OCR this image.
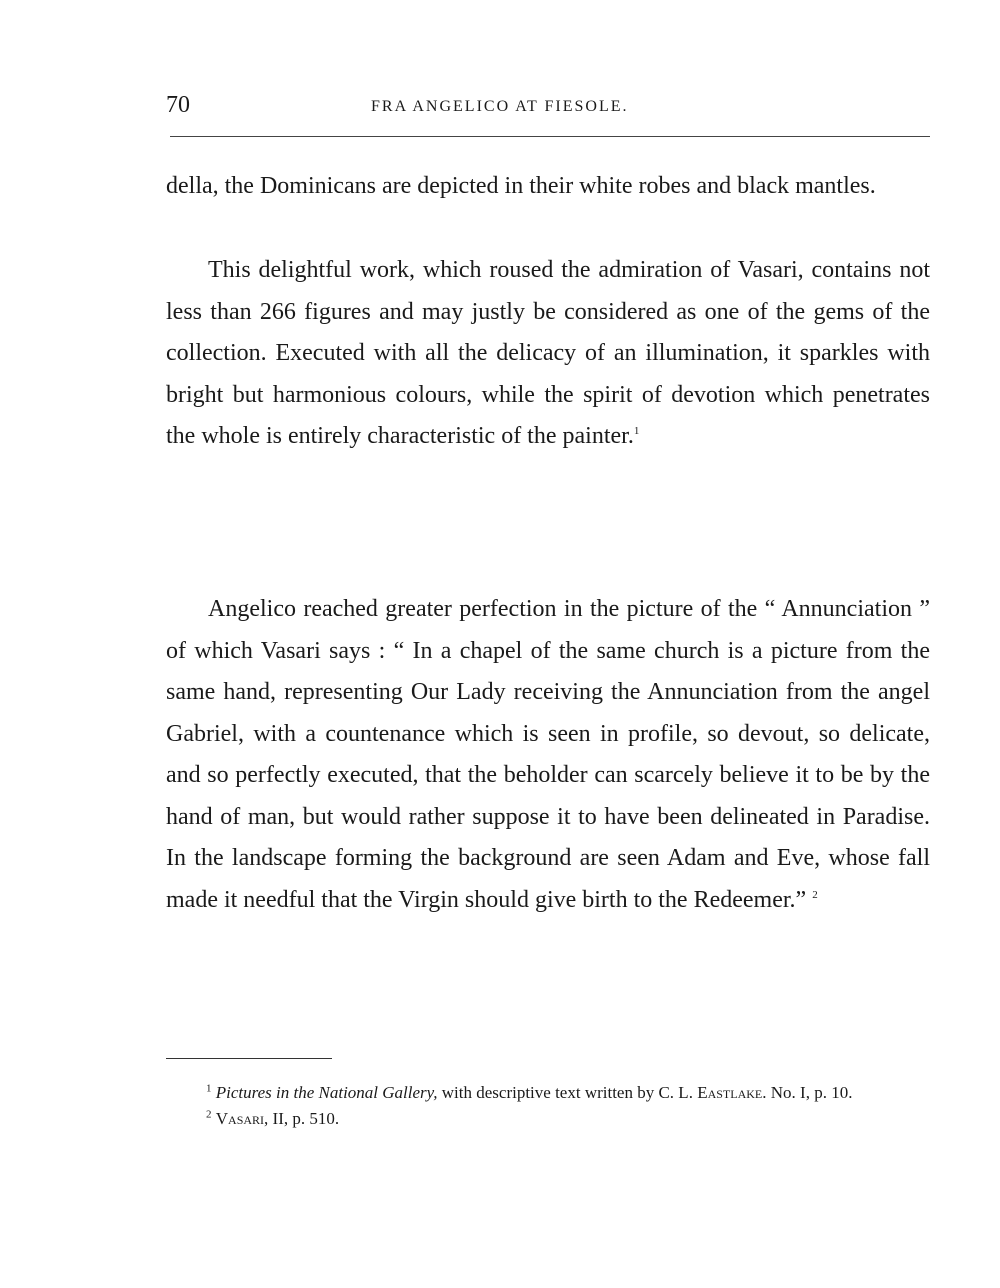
70	FRA ANGELICO AT FIESOLE.

della, the Dominicans are depicted in their white robes and black mantles.

This delightful work, which roused the admiration of Vasari, contains not less than 266 figures and may justly be considered as one of the gems of the collection. Executed with all the delicacy of an illumination, it sparkles with bright but harmonious colours, while the spirit of devotion which penetrates the whole is entirely characteristic of the painter.$^1$

Angelico reached greater perfection in the picture of the “ Annunciation ” of which Vasari says : “ In a chapel of the same church is a picture from the same hand, representing Our Lady receiving the Annunciation from the angel Gabriel, with a countenance which is seen in profile, so devout, so delicate, and so perfectly executed, that the beholder can scarcely believe it to be by the hand of man, but would rather suppose it to have been delineated in Paradise. In the landscape forming the background are seen Adam and Eve, whose fall made it needful that the Virgin should give birth to the Redeemer.” $^2$

$^1$ Pictures in the National Gallery, with descriptive text written by C. L. Eastlake. No. I, p. 10.

$^2$ Vasari, II, p. 510.
